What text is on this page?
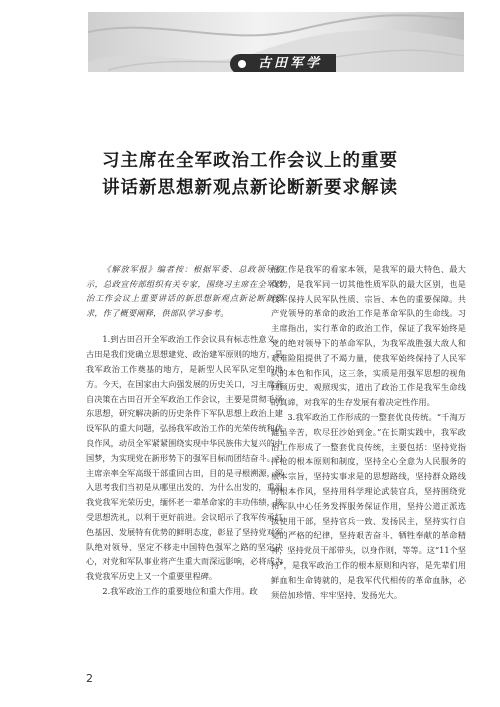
古田军学
习主席在全军政治工作会议上的重要
讲话新思想新观点新论断新要求解读

《解放军报》编者按：根据军委、总政领导指示，总政宣传部组织有关专家，围绕习主席在全军政治工作会议上重要讲话的新思想新观点新论断新要求，作了概要阐释，供部队学习参考。

1.到古田召开全军政治工作会议具有标志性意义。古田是我们党确立思想建党、政治建军原则的地方，是我军政治工作奠基的地方，是新型人民军队定型的地方。今天，在国家由大向强发展的历史关口，习主席亲自决策在古田召开全军政治工作会议，主要是贯彻毛泽东思想，研究解决新的历史条件下军队思想上政治上建设军队的重大问题，弘扬我军政治工作的光荣传统和优良作风，动员全军紧紧围绕实现中华民族伟大复兴的中国梦，为实现党在新形势下的强军目标而团结奋斗。习主席亲率全军高级干部重回古田，目的是寻根溯源，深入思考我们当初是从哪里出发的、为什么出发的，重温我党我军光荣历史，缅怀老一辈革命家的丰功伟绩，接受思想洗礼，以利于更好前进。会议昭示了我军传承红色基因、发展特有优势的鲜明态度，彰显了坚持党对军队绝对领导、坚定不移走中国特色强军之路的坚定决心，对党和军队事业将产生重大而深远影响，必将成为我党我军历史上又一个重要里程碑。

2.我军政治工作的重要地位和重大作用。政

治工作是我军的看家本领，是我军的最大特色、最大优势，是我军同一切其他性质军队的最大区别，也是我军保持人民军队性质、宗旨、本色的重要保障。共产党领导的革命的政治工作是革命军队的生命线。习主席指出，实行革命的政治工作，保证了我军始终是党的绝对领导下的革命军队，为我军战胜强大敌人和艰难险阻提供了不竭力量，使我军始终保持了人民军队的本色和作风，这三条，实质是用强军思想的视角回顾历史、观照现实，道出了政治工作是我军生命线的真谛，对我军的生存发展有着决定性作用。

3.我军政治工作形成的一整套优良传统。“千淘万漉虽辛苦，吹尽狂沙始到金。”在长期实践中，我军政治工作形成了一整套优良传统，主要包括：坚持党指挥枪的根本原则和制度，坚持全心全意为人民服务的根本宗旨，坚持实事求是的思想路线，坚持群众路线的根本作风，坚持用科学理论武装官兵，坚持围绕党和军队中心任务发挥服务保证作用，坚持公道正派选拔使用干部，坚持官兵一致、发扬民主，坚持实行自觉的严格的纪律，坚持艰苦奋斗、牺牲奉献的革命精神，坚持党员干部带头，以身作则，等等。这“11个坚持”，是我军政治工作的根本原则和内容，是先辈们用鲜血和生命铸就的，是我军代代相传的革命血脉，必须倍加珍惜、牢牢坚持、发扬光大。

2
